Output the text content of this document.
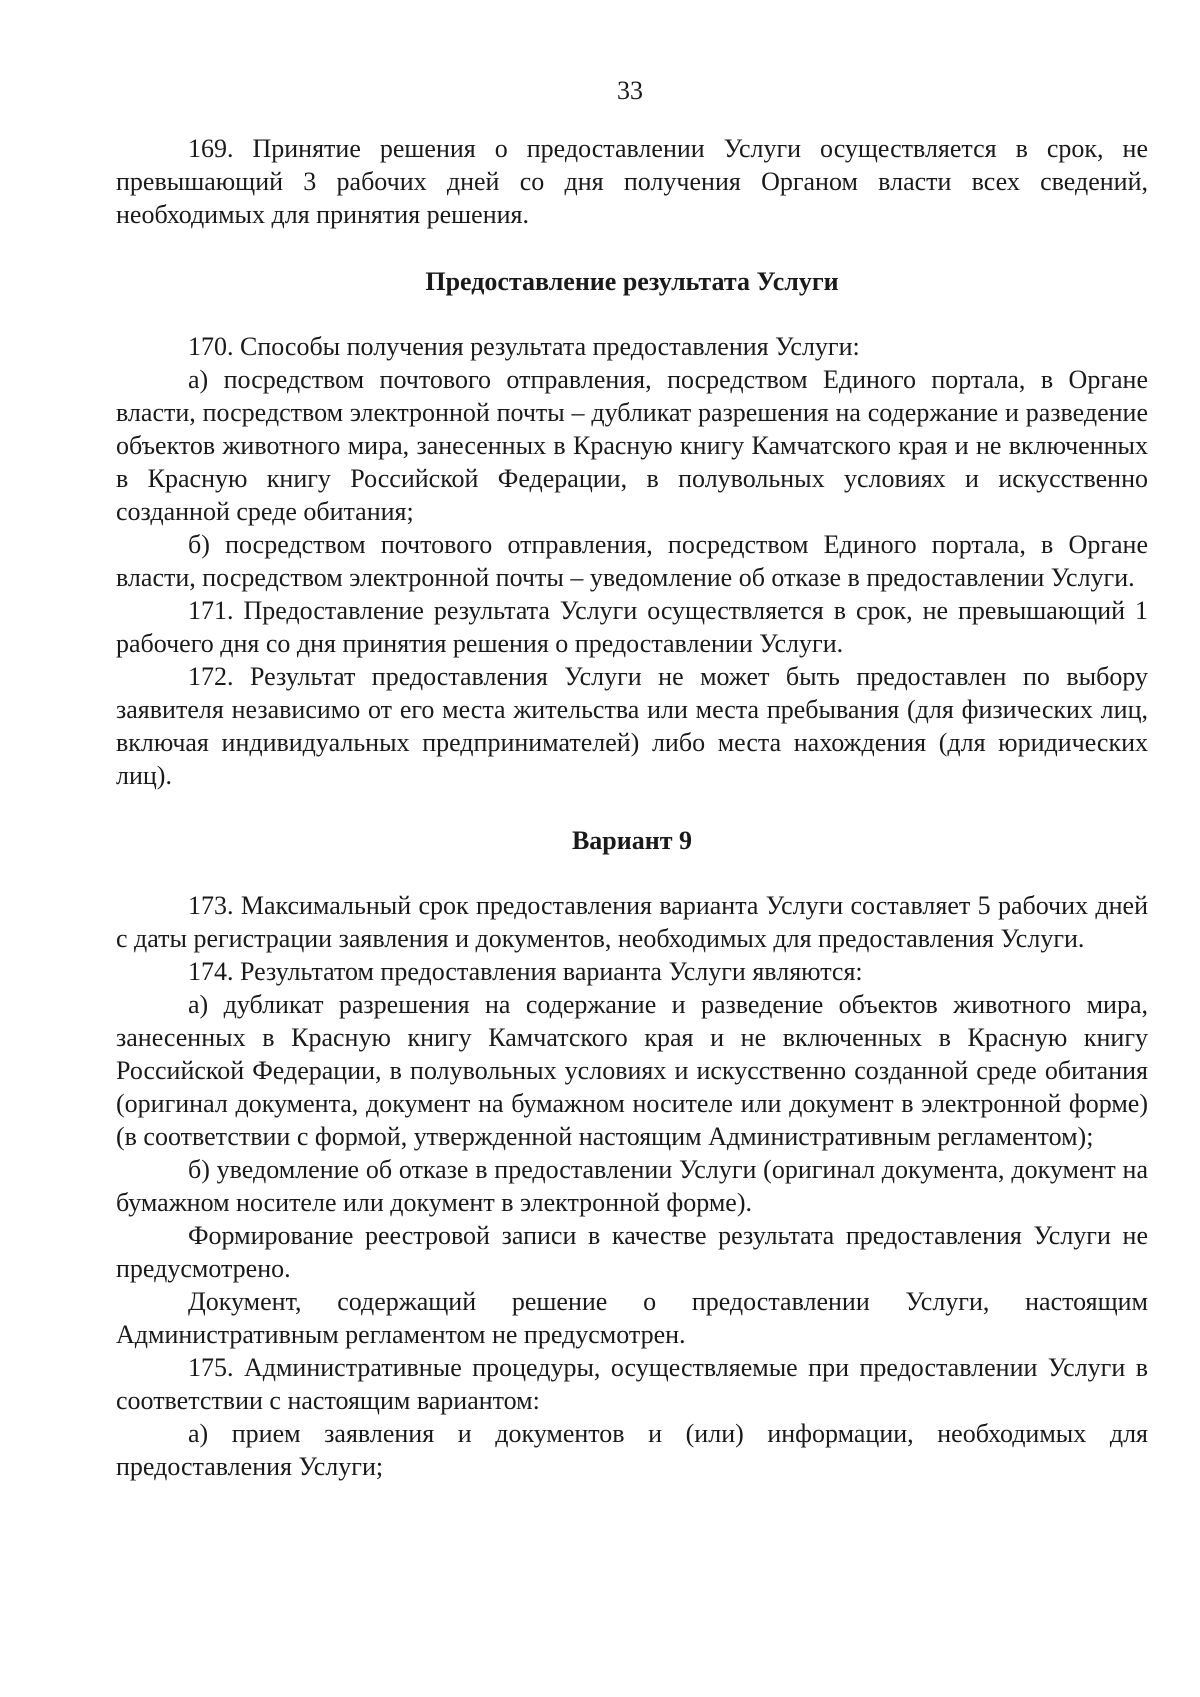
33

169. Принятие решения о предоставлении Услуги осуществляется в срок, не превышающий 3 рабочих дней со дня получения Органом власти всех сведений, необходимых для принятия решения.

Предоставление результата Услуги

170. Способы получения результата предоставления Услуги:

а) посредством почтового отправления, посредством Единого портала, в Органе власти, посредством электронной почты – дубликат разрешения на содержание и разведение объектов животного мира, занесенных в Красную книгу Камчатского края и не включенных в Красную книгу Российской Федерации, в полувольных условиях и искусственно созданной среде обитания;

б) посредством почтового отправления, посредством Единого портала, в Органе власти, посредством электронной почты – уведомление об отказе в предоставлении Услуги.

171. Предоставление результата Услуги осуществляется в срок, не превышающий 1 рабочего дня со дня принятия решения о предоставлении Услуги.

172. Результат предоставления Услуги не может быть предоставлен по выбору заявителя независимо от его места жительства или места пребывания (для физических лиц, включая индивидуальных предпринимателей) либо места нахождения (для юридических лиц).

Вариант 9

173. Максимальный срок предоставления варианта Услуги составляет 5 рабочих дней с даты регистрации заявления и документов, необходимых для предоставления Услуги.

174. Результатом предоставления варианта Услуги являются:

а) дубликат разрешения на содержание и разведение объектов животного мира, занесенных в Красную книгу Камчатского края и не включенных в Красную книгу Российской Федерации, в полувольных условиях и искусственно созданной среде обитания (оригинал документа, документ на бумажном носителе или документ в электронной форме) (в соответствии с формой, утвержденной настоящим Административным регламентом);

б) уведомление об отказе в предоставлении Услуги (оригинал документа, документ на бумажном носителе или документ в электронной форме).

Формирование реестровой записи в качестве результата предоставления Услуги не предусмотрено.

Документ, содержащий решение о предоставлении Услуги, настоящим Административным регламентом не предусмотрен.

175. Административные процедуры, осуществляемые при предоставлении Услуги в соответствии с настоящим вариантом:

а) прием заявления и документов и (или) информации, необходимых для предоставления Услуги;
